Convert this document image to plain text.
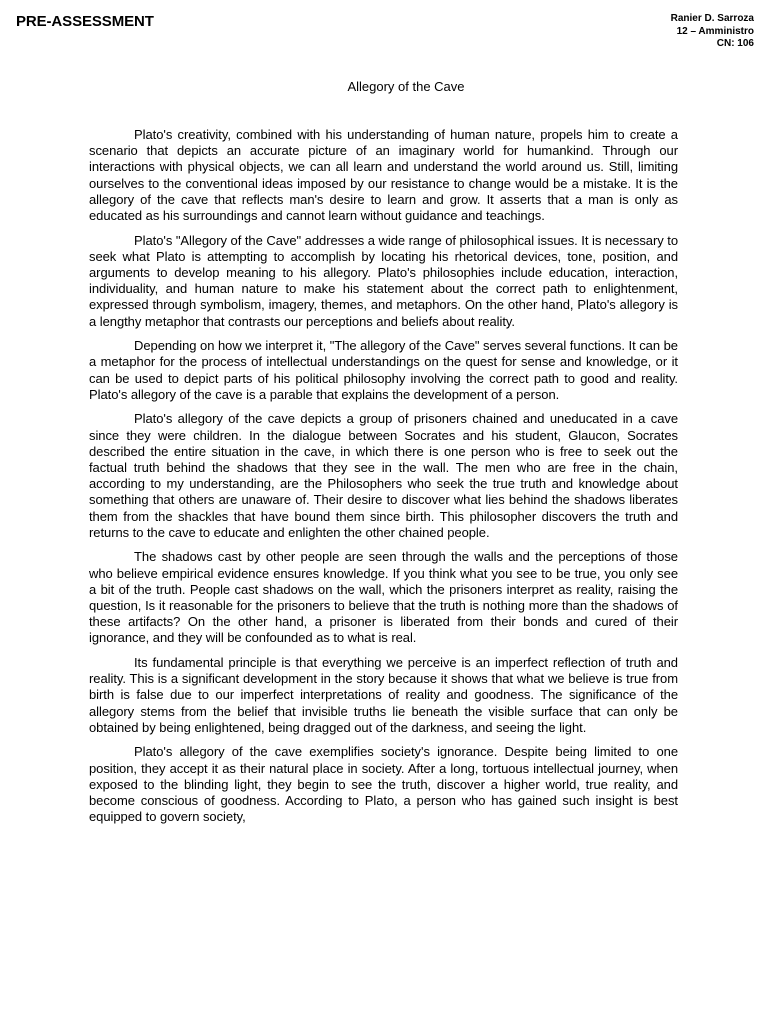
PRE-ASSESSMENT	Ranier D. Sarroza
12 – Amministro
CN: 106
Allegory of the Cave

Plato's creativity, combined with his understanding of human nature, propels him to create a scenario that depicts an accurate picture of an imaginary world for humankind. Through our interactions with physical objects, we can all learn and understand the world around us. Still, limiting ourselves to the conventional ideas imposed by our resistance to change would be a mistake. It is the allegory of the cave that reflects man's desire to learn and grow. It asserts that a man is only as educated as his surroundings and cannot learn without guidance and teachings.

Plato's "Allegory of the Cave" addresses a wide range of philosophical issues. It is necessary to seek what Plato is attempting to accomplish by locating his rhetorical devices, tone, position, and arguments to develop meaning to his allegory. Plato's philosophies include education, interaction, individuality, and human nature to make his statement about the correct path to enlightenment, expressed through symbolism, imagery, themes, and metaphors. On the other hand, Plato's allegory is a lengthy metaphor that contrasts our perceptions and beliefs about reality.

Depending on how we interpret it, "The allegory of the Cave" serves several functions. It can be a metaphor for the process of intellectual understandings on the quest for sense and knowledge, or it can be used to depict parts of his political philosophy involving the correct path to good and reality. Plato's allegory of the cave is a parable that explains the development of a person.

Plato's allegory of the cave depicts a group of prisoners chained and uneducated in a cave since they were children. In the dialogue between Socrates and his student, Glaucon, Socrates described the entire situation in the cave, in which there is one person who is free to seek out the factual truth behind the shadows that they see in the wall. The men who are free in the chain, according to my understanding, are the Philosophers who seek the true truth and knowledge about something that others are unaware of. Their desire to discover what lies behind the shadows liberates them from the shackles that have bound them since birth. This philosopher discovers the truth and returns to the cave to educate and enlighten the other chained people.

The shadows cast by other people are seen through the walls and the perceptions of those who believe empirical evidence ensures knowledge. If you think what you see to be true, you only see a bit of the truth. People cast shadows on the wall, which the prisoners interpret as reality, raising the question, Is it reasonable for the prisoners to believe that the truth is nothing more than the shadows of these artifacts? On the other hand, a prisoner is liberated from their bonds and cured of their ignorance, and they will be confounded as to what is real.

Its fundamental principle is that everything we perceive is an imperfect reflection of truth and reality. This is a significant development in the story because it shows that what we believe is true from birth is false due to our imperfect interpretations of reality and goodness. The significance of the allegory stems from the belief that invisible truths lie beneath the visible surface that can only be obtained by being enlightened, being dragged out of the darkness, and seeing the light.

Plato's allegory of the cave exemplifies society's ignorance. Despite being limited to one position, they accept it as their natural place in society. After a long, tortuous intellectual journey, when exposed to the blinding light, they begin to see the truth, discover a higher world, true reality, and become conscious of goodness. According to Plato, a person who has gained such insight is best equipped to govern society,
